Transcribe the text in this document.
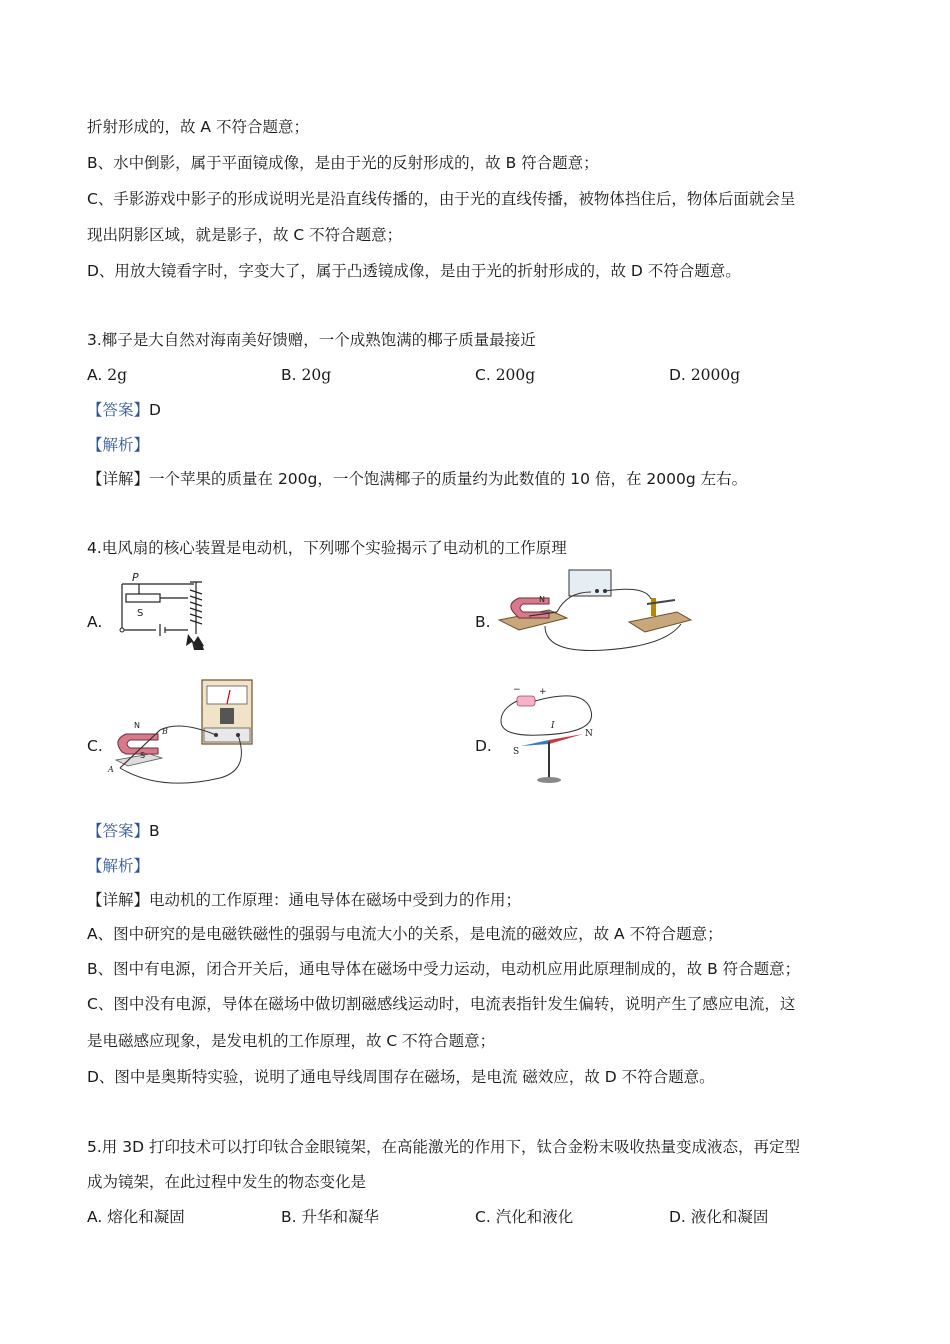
折射形成的，故 A 不符合题意；
B、水中倒影，属于平面镜成像，是由于光的反射形成的，故 B 符合题意；
C、手影游戏中影子的形成说明光是沿直线传播的，由于光的直线传播，被物体挡住后，物体后面就会呈
现出阴影区域，就是影子，故 C 不符合题意；
D、用放大镜看字时，字变大了，属于凸透镜成像，是由于光的折射形成的，故 D 不符合题意。
3.椰子是大自然对海南美好馈赠，一个成熟饱满的椰子质量最接近
A. 2g	B. 20g	C. 200g	D. 2000g
【答案】D
【解析】
【详解】一个苹果的质量在 200g，一个饱满椰子的质量约为此数值的 10 倍，在 2000g 左右。
4.电风扇的核心装置是电动机，下列哪个实验揭示了电动机的工作原理
A.
P
S	B.
N
C.
N
B
S
A
D.
− +
I
S
N
【答案】B
【解析】
【详解】电动机的工作原理：通电导体在磁场中受到力的作用；
A、图中研究的是电磁铁磁性的强弱与电流大小的关系，是电流的磁效应，故 A 不符合题意；
B、图中有电源，闭合开关后，通电导体在磁场中受力运动，电动机应用此原理制成的，故 B 符合题意；
C、图中没有电源，导体在磁场中做切割磁感线运动时，电流表指针发生偏转，说明产生了感应电流，这
是电磁感应现象，是发电机的工作原理，故 C 不符合题意；
D、图中是奥斯特实验，说明了通电导线周围存在磁场，是电流 磁效应，故 D 不符合题意。
5.用 3D 打印技术可以打印钛合金眼镜架，在高能激光的作用下，钛合金粉末吸收热量变成液态，再定型
成为镜架，在此过程中发生的物态变化是
A. 熔化和凝固	B. 升华和凝华	C. 汽化和液化	D. 液化和凝固
